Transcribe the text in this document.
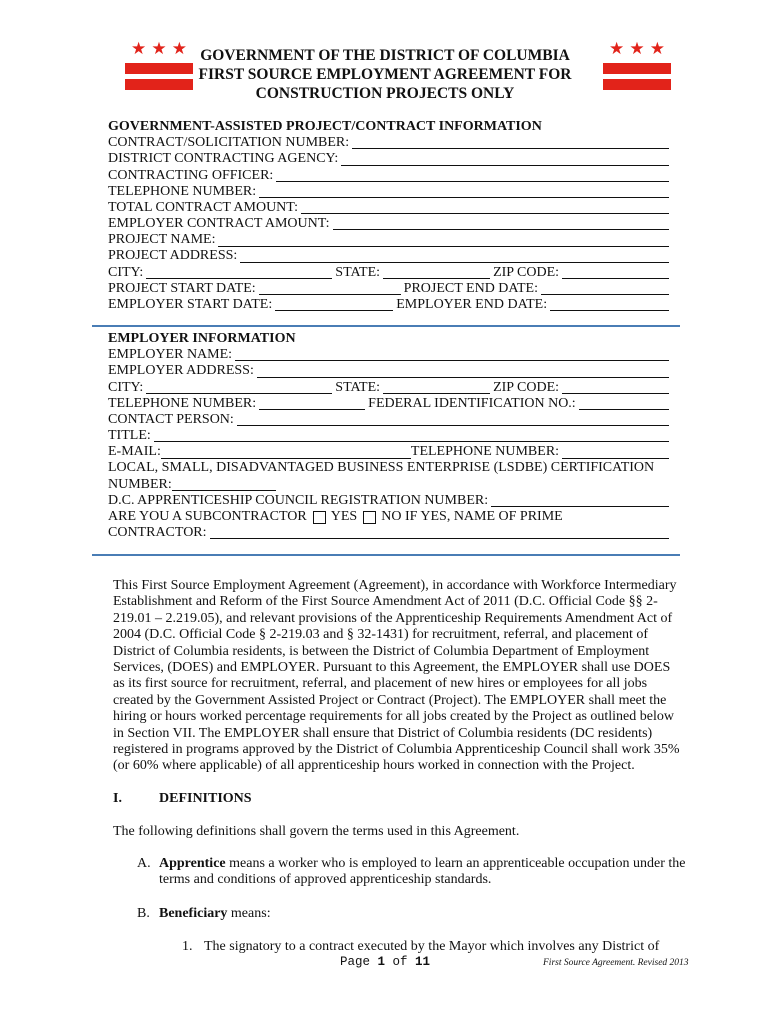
★ ★ ★	★ ★ ★
GOVERNMENT OF THE DISTRICT OF COLUMBIA
FIRST SOURCE EMPLOYMENT AGREEMENT FOR
CONSTRUCTION PROJECTS ONLY
GOVERNMENT-ASSISTED PROJECT/CONTRACT INFORMATION
CONTRACT/SOLICITATION NUMBER:
DISTRICT CONTRACTING AGENCY:
CONTRACTING OFFICER:
TELEPHONE NUMBER:
TOTAL CONTRACT AMOUNT:
EMPLOYER CONTRACT AMOUNT:
PROJECT NAME:
PROJECT ADDRESS:
CITY:	STATE:	ZIP CODE:
PROJECT START DATE:	PROJECT END DATE:
EMPLOYER START DATE:	EMPLOYER END DATE:
EMPLOYER INFORMATION
EMPLOYER NAME:
EMPLOYER ADDRESS:
CITY:	STATE:	ZIP CODE:
TELEPHONE NUMBER:	FEDERAL IDENTIFICATION NO.:
CONTACT PERSON:
TITLE:
E-MAIL:	TELEPHONE NUMBER:
LOCAL, SMALL, DISADVANTAGED BUSINESS ENTERPRISE (LSDBE) CERTIFICATION
NUMBER:
D.C. APPRENTICESHIP COUNCIL REGISTRATION NUMBER:
ARE YOU A SUBCONTRACTOR YES NO IF YES, NAME OF PRIME
CONTRACTOR:
This First Source Employment Agreement (Agreement), in accordance with Workforce Intermediary
Establishment and Reform of the First Source Amendment Act of 2011 (D.C. Official Code §§ 2-
219.01 – 2.219.05), and relevant provisions of the Apprenticeship Requirements Amendment Act of
2004 (D.C. Official Code § 2-219.03 and § 32-1431) for recruitment, referral, and placement of
District of Columbia residents, is between the District of Columbia Department of Employment
Services, (DOES) and EMPLOYER. Pursuant to this Agreement, the EMPLOYER shall use DOES
as its first source for recruitment, referral, and placement of new hires or employees for all jobs
created by the Government Assisted Project or Contract (Project). The EMPLOYER shall meet the
hiring or hours worked percentage requirements for all jobs created by the Project as outlined below
in Section VII. The EMPLOYER shall ensure that District of Columbia residents (DC residents)
registered in programs approved by the District of Columbia Apprenticeship Council shall work 35%
(or 60% where applicable) of all apprenticeship hours worked in connection with the Project.
I.	DEFINITIONS
The following definitions shall govern the terms used in this Agreement.
A. Apprentice means a worker who is employed to learn an apprenticeable occupation under the
terms and conditions of approved apprenticeship standards.
B. Beneficiary means:
1. The signatory to a contract executed by the Mayor which involves any District of
Page 1 of 11	First Source Agreement. Revised 2013
